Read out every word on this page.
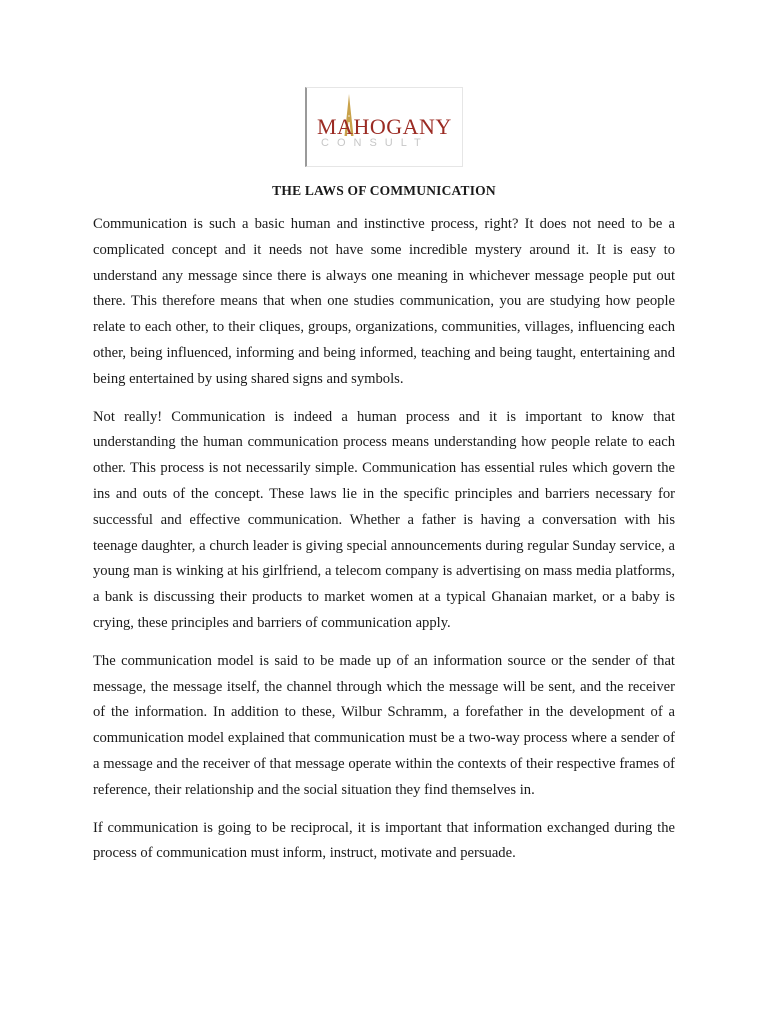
MAHOGANY
CONSULT
THE LAWS OF COMMUNICATION

Communication is such a basic human and instinctive process, right? It does not need to be a complicated concept and it needs not have some incredible mystery around it. It is easy to understand any message since there is always one meaning in whichever message people put out there. This therefore means that when one studies communication, you are studying how people relate to each other, to their cliques, groups, organizations, communities, villages, influencing each other, being influenced, informing and being informed, teaching and being taught, entertaining and being entertained by using shared signs and symbols.

Not really! Communication is indeed a human process and it is important to know that understanding the human communication process means understanding how people relate to each other. This process is not necessarily simple. Communication has essential rules which govern the ins and outs of the concept. These laws lie in the specific principles and barriers necessary for successful and effective communication. Whether a father is having a conversation with his teenage daughter, a church leader is giving special announcements during regular Sunday service, a young man is winking at his girlfriend, a telecom company is advertising on mass media platforms, a bank is discussing their products to market women at a typical Ghanaian market, or a baby is crying, these principles and barriers of communication apply.

The communication model is said to be made up of an information source or the sender of that message, the message itself, the channel through which the message will be sent, and the receiver of the information. In addition to these, Wilbur Schramm, a forefather in the development of a communication model explained that communication must be a two-way process where a sender of a message and the receiver of that message operate within the contexts of their respective frames of reference, their relationship and the social situation they find themselves in.

If communication is going to be reciprocal, it is important that information exchanged during the process of communication must inform, instruct, motivate and persuade.
